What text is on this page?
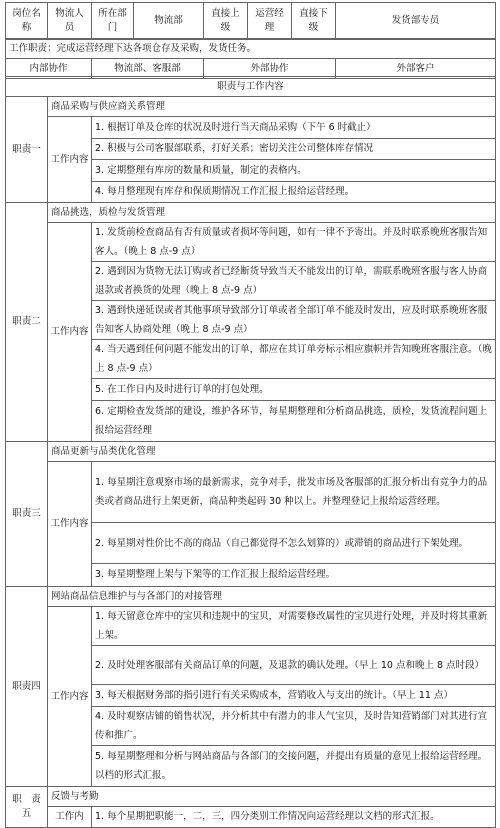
岗位名称	物流人员	所在部门	物流部	直接上级	运营经理	直接下级	发货部专员
工作职责：完成运营经理下达各项仓存及采购，发货任务。
内部协作	物流部、客服部	外部协作	外部客户
职责与工作内容		
职责一	商品采购与供应商关系管理	
	工作内容	1. 根据订单及仓库的状况及时进行当天商品采购（下午 6 时截止）
		2. 积极与公司客服部联系，打好关系；密切关注公司整体库存情况
		3. 定期整理有库房的数量和质量，制定的表格内。
		4. 每月整理现有库存和保质期情况工作汇报上报给运营经理。
职责二	商品挑选，质检与发货管理	
	工作内容	1. 发货前检查商品有否有质量或者损坏等问题，如有一律不予寄出。并及时联系晚班客服告知客人。（晚上 8 点-9 点）
		2. 遇到因为货物无法订购或者已经断货导致当天不能发出的订单，需联系晚班客服与客人协商退款或者换货的处理（晚上 8 点-9 点）
		3. 遇到快递延误或者其他事项导致部分订单或者全部订单不能及时发出，应及时联系晚班客服告知客人协商处理（晚上 8 点-9 点）
		4. 当天遇到任何问题不能发出的订单，都应在其订单旁标示相应旗帜并告知晚班客服注意。（晚上 8 点-9 点）
		5. 在工作日内及时进行订单的打包处理。
		6. 定期检查发货部的建设，维护各环节，每星期整理和分析商品挑选，质检，发货流程问题上报给运营经理
职责三	商品更新与品类优化管理	
	工作内容	1. 每星期注意观察市场的最新需求，竞争对手，批发市场及客服部的汇报分析出有竞争力的品类或者商品进行上架更新，商品种类起码 30 种以上。并整理登记上报给运营经理。
		2. 每星期对性价比不高的商品（自己都觉得不怎么划算的）或滞销的商品进行下架处理。
		3. 每星期整理上架与下架等的工作汇报上报给运营经理。
职责四	网站商品信息维护与与各部门的对接管理	
	工作内容	1. 每天留意仓库中的宝贝和违规中的宝贝，对需要修改属性的宝贝进行处理，并及时将其重新上架。
		2. 及时处理客服部有关商品订单的问题，及退款的确认处理。（早上 10 点和晚上 8 点时段）
		3. 每天根据财务部的指引进行有关采购成本，营销收入与支出的统计。（早上 11 点）
		4. 及时观察店铺的销售状况，并分析其中有潜力的非人气宝贝，及时告知营销部门对其进行宣传和推广。
		5. 每星期整理和分析与网站商品与各部门的交接问题，并提出有质量的意见上报给运营经理。以档的形式汇报。
职　责五	反馈与考勤	
	工作内	1. 每个星期把职能一，二，三，四分类别工作情况向运营经理以文档的形式汇报。
